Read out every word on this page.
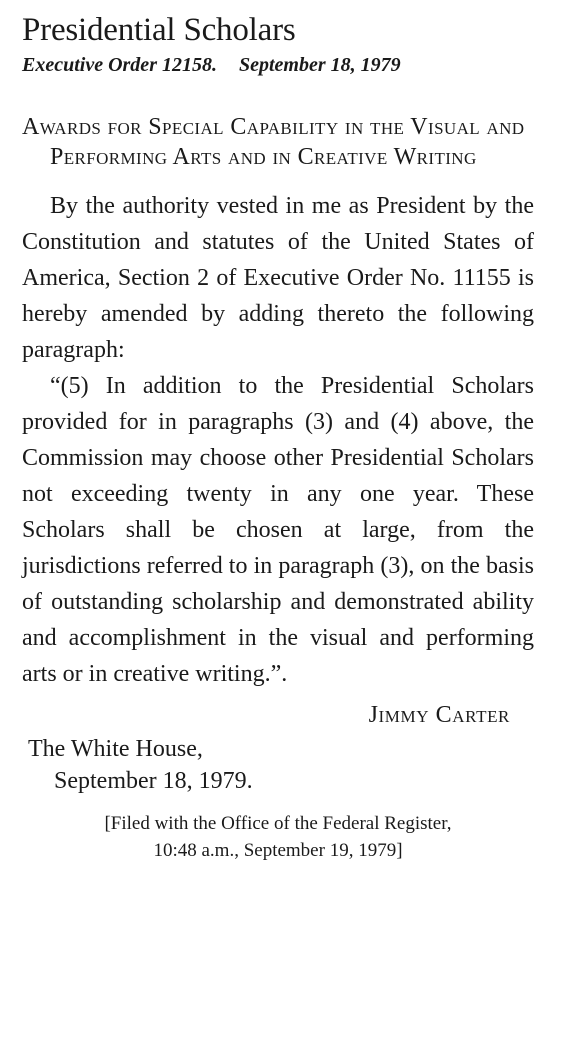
Presidential Scholars
Executive Order 12158. September 18, 1979
Awards for Special Capability in the Visual and Performing Arts and in Creative Writing

By the authority vested in me as President by the Constitution and statutes of the United States of America, Section 2 of Executive Order No. 11155 is hereby amended by adding thereto the following paragraph:

“(5) In addition to the Presidential Scholars provided for in paragraphs (3) and (4) above, the Commission may choose other Presidential Scholars not exceeding twenty in any one year. These Scholars shall be chosen at large, from the jurisdictions referred to in paragraph (3), on the basis of outstanding scholarship and demonstrated ability and accomplishment in the visual and performing arts or in creative writing.”.

Jimmy Carter
The White House,
September 18, 1979.
[Filed with the Office of the Federal Register,
10:48 a.m., September 19, 1979]
